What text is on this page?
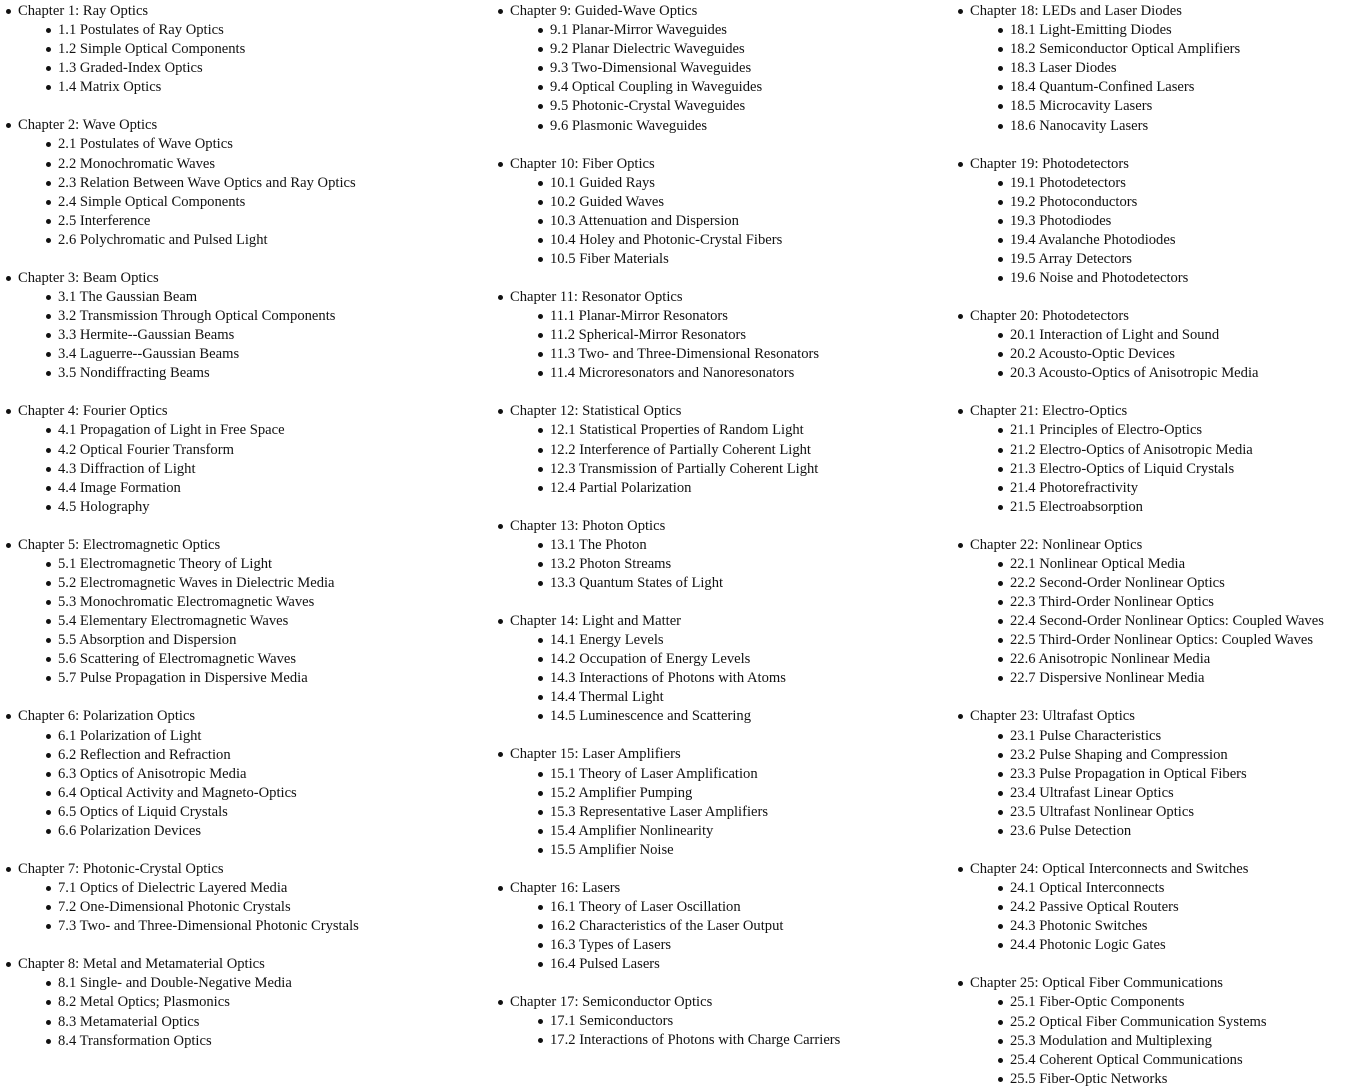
Chapter 1: Ray Optics
1.1 Postulates of Ray Optics
1.2 Simple Optical Components
1.3 Graded-Index Optics
1.4 Matrix Optics
Chapter 2: Wave Optics
2.1 Postulates of Wave Optics
2.2 Monochromatic Waves
2.3 Relation Between Wave Optics and Ray Optics
2.4 Simple Optical Components
2.5 Interference
2.6 Polychromatic and Pulsed Light
Chapter 3: Beam Optics
3.1 The Gaussian Beam
3.2 Transmission Through Optical Components
3.3 Hermite--Gaussian Beams
3.4 Laguerre--Gaussian Beams
3.5 Nondiffracting Beams
Chapter 4: Fourier Optics
4.1 Propagation of Light in Free Space
4.2 Optical Fourier Transform
4.3 Diffraction of Light
4.4 Image Formation
4.5 Holography
Chapter 5: Electromagnetic Optics
5.1 Electromagnetic Theory of Light
5.2 Electromagnetic Waves in Dielectric Media
5.3 Monochromatic Electromagnetic Waves
5.4 Elementary Electromagnetic Waves
5.5 Absorption and Dispersion
5.6 Scattering of Electromagnetic Waves
5.7 Pulse Propagation in Dispersive Media
Chapter 6: Polarization Optics
6.1 Polarization of Light
6.2 Reflection and Refraction
6.3 Optics of Anisotropic Media
6.4 Optical Activity and Magneto-Optics
6.5 Optics of Liquid Crystals
6.6 Polarization Devices
Chapter 7: Photonic-Crystal Optics
7.1 Optics of Dielectric Layered Media
7.2 One-Dimensional Photonic Crystals
7.3 Two- and Three-Dimensional Photonic Crystals
Chapter 8: Metal and Metamaterial Optics
8.1 Single- and Double-Negative Media
8.2 Metal Optics; Plasmonics
8.3 Metamaterial Optics
8.4 Transformation Optics
Chapter 9: Guided-Wave Optics
9.1 Planar-Mirror Waveguides
9.2 Planar Dielectric Waveguides
9.3 Two-Dimensional Waveguides
9.4 Optical Coupling in Waveguides
9.5 Photonic-Crystal Waveguides
9.6 Plasmonic Waveguides
Chapter 10: Fiber Optics
10.1 Guided Rays
10.2 Guided Waves
10.3 Attenuation and Dispersion
10.4 Holey and Photonic-Crystal Fibers
10.5 Fiber Materials
Chapter 11: Resonator Optics
11.1 Planar-Mirror Resonators
11.2 Spherical-Mirror Resonators
11.3 Two- and Three-Dimensional Resonators
11.4 Microresonators and Nanoresonators
Chapter 12: Statistical Optics
12.1 Statistical Properties of Random Light
12.2 Interference of Partially Coherent Light
12.3 Transmission of Partially Coherent Light
12.4 Partial Polarization
Chapter 13: Photon Optics
13.1 The Photon
13.2 Photon Streams
13.3 Quantum States of Light
Chapter 14: Light and Matter
14.1 Energy Levels
14.2 Occupation of Energy Levels
14.3 Interactions of Photons with Atoms
14.4 Thermal Light
14.5 Luminescence and Scattering
Chapter 15: Laser Amplifiers
15.1 Theory of Laser Amplification
15.2 Amplifier Pumping
15.3 Representative Laser Amplifiers
15.4 Amplifier Nonlinearity
15.5 Amplifier Noise
Chapter 16: Lasers
16.1 Theory of Laser Oscillation
16.2 Characteristics of the Laser Output
16.3 Types of Lasers
16.4 Pulsed Lasers
Chapter 17: Semiconductor Optics
17.1 Semiconductors
17.2 Interactions of Photons with Charge Carriers
Chapter 18: LEDs and Laser Diodes
18.1 Light-Emitting Diodes
18.2 Semiconductor Optical Amplifiers
18.3 Laser Diodes
18.4 Quantum-Confined Lasers
18.5 Microcavity Lasers
18.6 Nanocavity Lasers
Chapter 19: Photodetectors
19.1 Photodetectors
19.2 Photoconductors
19.3 Photodiodes
19.4 Avalanche Photodiodes
19.5 Array Detectors
19.6 Noise and Photodetectors
Chapter 20: Photodetectors
20.1 Interaction of Light and Sound
20.2 Acousto-Optic Devices
20.3 Acousto-Optics of Anisotropic Media
Chapter 21: Electro-Optics
21.1 Principles of Electro-Optics
21.2 Electro-Optics of Anisotropic Media
21.3 Electro-Optics of Liquid Crystals
21.4 Photorefractivity
21.5 Electroabsorption
Chapter 22: Nonlinear Optics
22.1 Nonlinear Optical Media
22.2 Second-Order Nonlinear Optics
22.3 Third-Order Nonlinear Optics
22.4 Second-Order Nonlinear Optics: Coupled Waves
22.5 Third-Order Nonlinear Optics: Coupled Waves
22.6 Anisotropic Nonlinear Media
22.7 Dispersive Nonlinear Media
Chapter 23: Ultrafast Optics
23.1 Pulse Characteristics
23.2 Pulse Shaping and Compression
23.3 Pulse Propagation in Optical Fibers
23.4 Ultrafast Linear Optics
23.5 Ultrafast Nonlinear Optics
23.6 Pulse Detection
Chapter 24: Optical Interconnects and Switches
24.1 Optical Interconnects
24.2 Passive Optical Routers
24.3 Photonic Switches
24.4 Photonic Logic Gates
Chapter 25: Optical Fiber Communications
25.1 Fiber-Optic Components
25.2 Optical Fiber Communication Systems
25.3 Modulation and Multiplexing
25.4 Coherent Optical Communications
25.5 Fiber-Optic Networks
